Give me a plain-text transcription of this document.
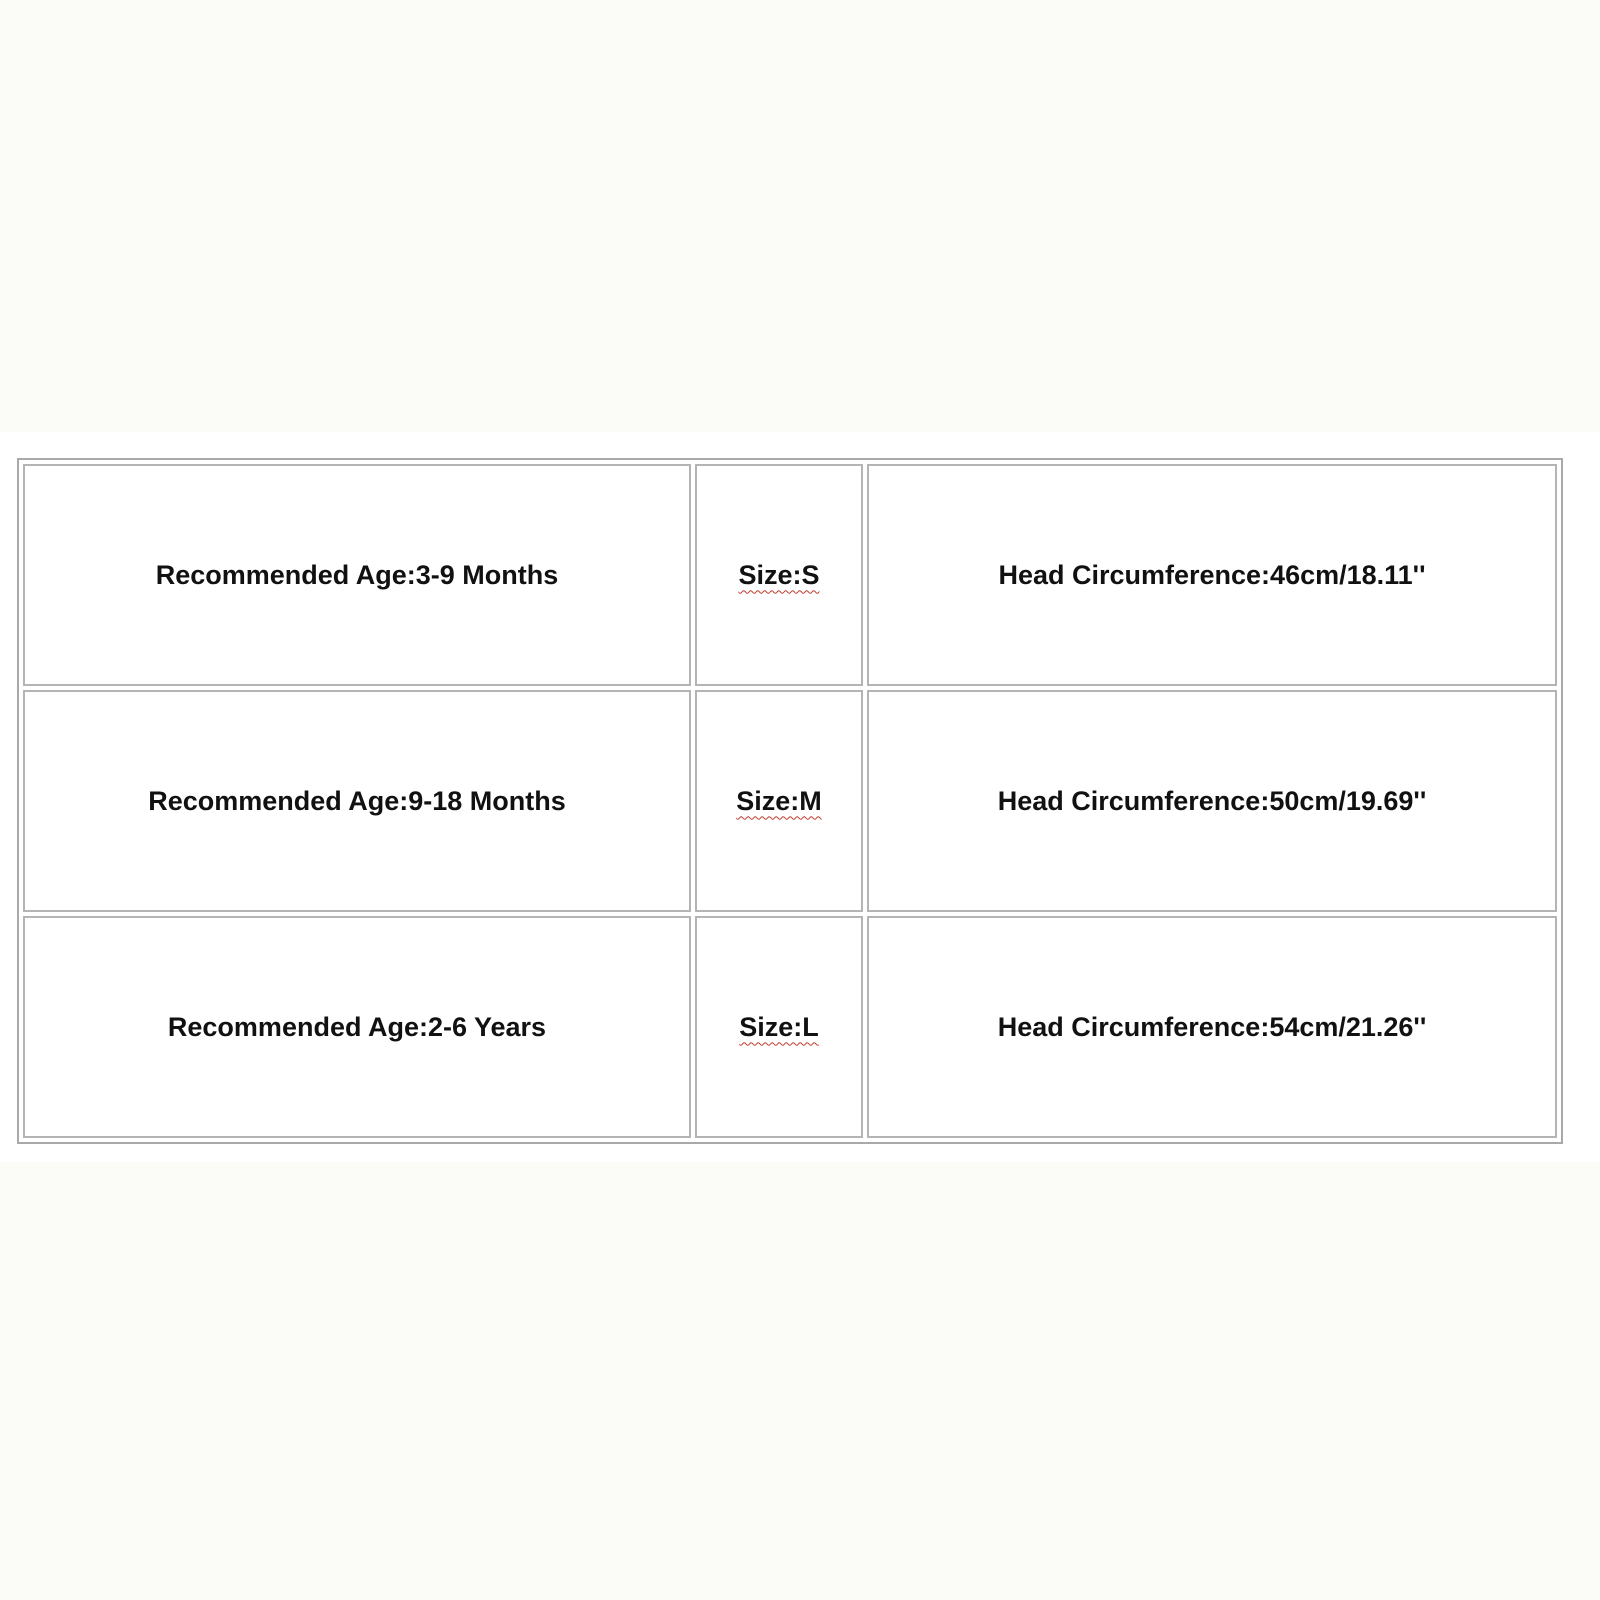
Recommended Age:3-9 Months	Size:S	Head Circumference:46cm/18.11''
Recommended Age:9-18 Months	Size:M	Head Circumference:50cm/19.69''
Recommended Age:2-6 Years	Size:L	Head Circumference:54cm/21.26''
